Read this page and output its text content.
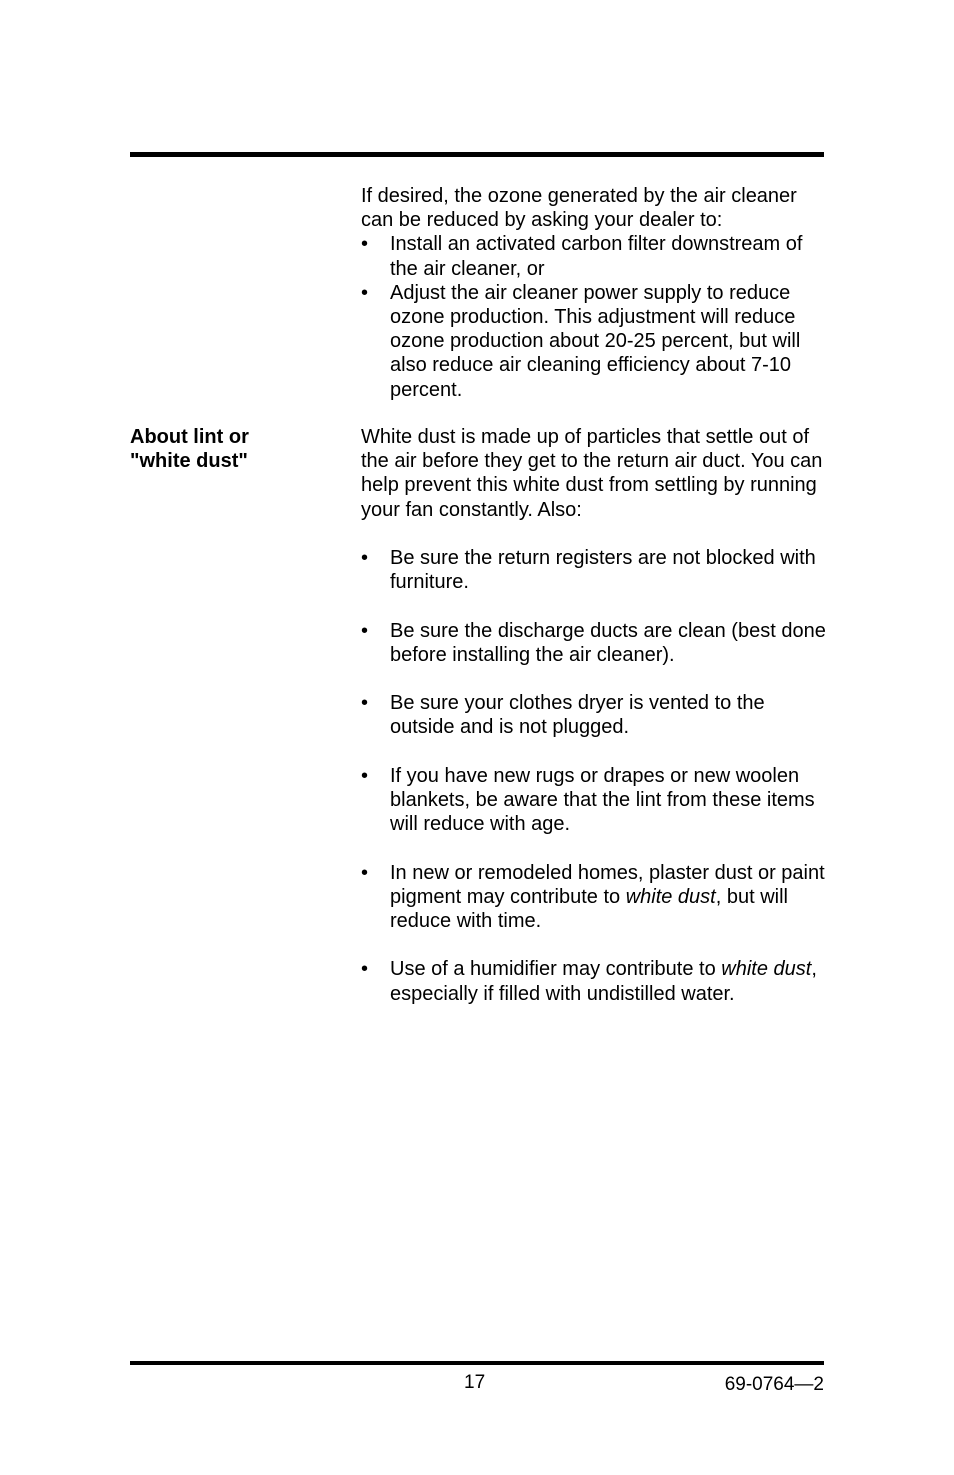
If desired, the ozone generated by the air cleaner can be reduced by asking your dealer to:

• Install an activated carbon filter downstream of the air cleaner, or
• Adjust the air cleaner power supply to reduce ozone production. This adjustment will reduce ozone production about 20-25 percent, but will also reduce air cleaning efficiency about 7-10 percent.
About lint or
"white dust"

White dust is made up of particles that settle out of the air before they get to the return air duct. You can help prevent this white dust from settling by running your fan constantly. Also:

• Be sure the return registers are not blocked with furniture.
• Be sure the discharge ducts are clean (best done before installing the air cleaner).
• Be sure your clothes dryer is vented to the outside and is not plugged.
• If you have new rugs or drapes or new woolen blankets, be aware that the lint from these items will reduce with age.
• In new or remodeled homes, plaster dust or paint pigment may contribute to white dust, but will reduce with time.
• Use of a humidifier may contribute to white dust, especially if filled with undistilled water.
17	69-0764—2
